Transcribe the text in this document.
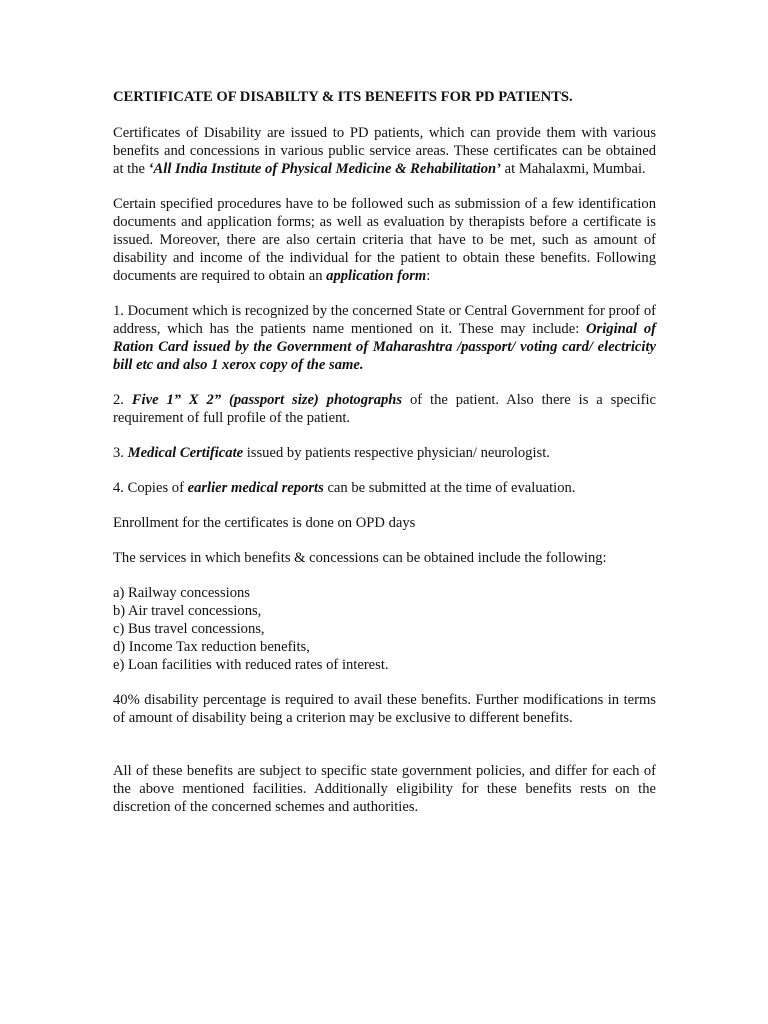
CERTIFICATE OF DISABILTY & ITS BENEFITS FOR PD PATIENTS.

Certificates of Disability are issued to PD patients, which can provide them with various benefits and concessions in various public service areas. These certificates can be obtained at the ‘All India Institute of Physical Medicine & Rehabilitation’ at Mahalaxmi, Mumbai.

Certain specified procedures have to be followed such as submission of a few identification documents and application forms; as well as evaluation by therapists before a certificate is issued. Moreover, there are also certain criteria that have to be met, such as amount of disability and income of the individual for the patient to obtain these benefits. Following documents are required to obtain an application form:

1. Document which is recognized by the concerned State or Central Government for proof of address, which has the patients name mentioned on it. These may include: Original of Ration Card issued by the Government of Maharashtra /passport/ voting card/ electricity bill etc and also 1 xerox copy of the same.

2. Five 1” X 2” (passport size) photographs of the patient. Also there is a specific requirement of full profile of the patient.

3. Medical Certificate issued by patients respective physician/ neurologist.

4. Copies of earlier medical reports can be submitted at the time of evaluation.

Enrollment for the certificates is done on OPD days

The services in which benefits & concessions can be obtained include the following:

a) Railway concessions
b) Air travel concessions,
c) Bus travel concessions,
d) Income Tax reduction benefits,
e) Loan facilities with reduced rates of interest.

40% disability percentage is required to avail these benefits. Further modifications in terms of amount of disability being a criterion may be exclusive to different benefits.

All of these benefits are subject to specific state government policies, and differ for each of the above mentioned facilities. Additionally eligibility for these benefits rests on the discretion of the concerned schemes and authorities.
